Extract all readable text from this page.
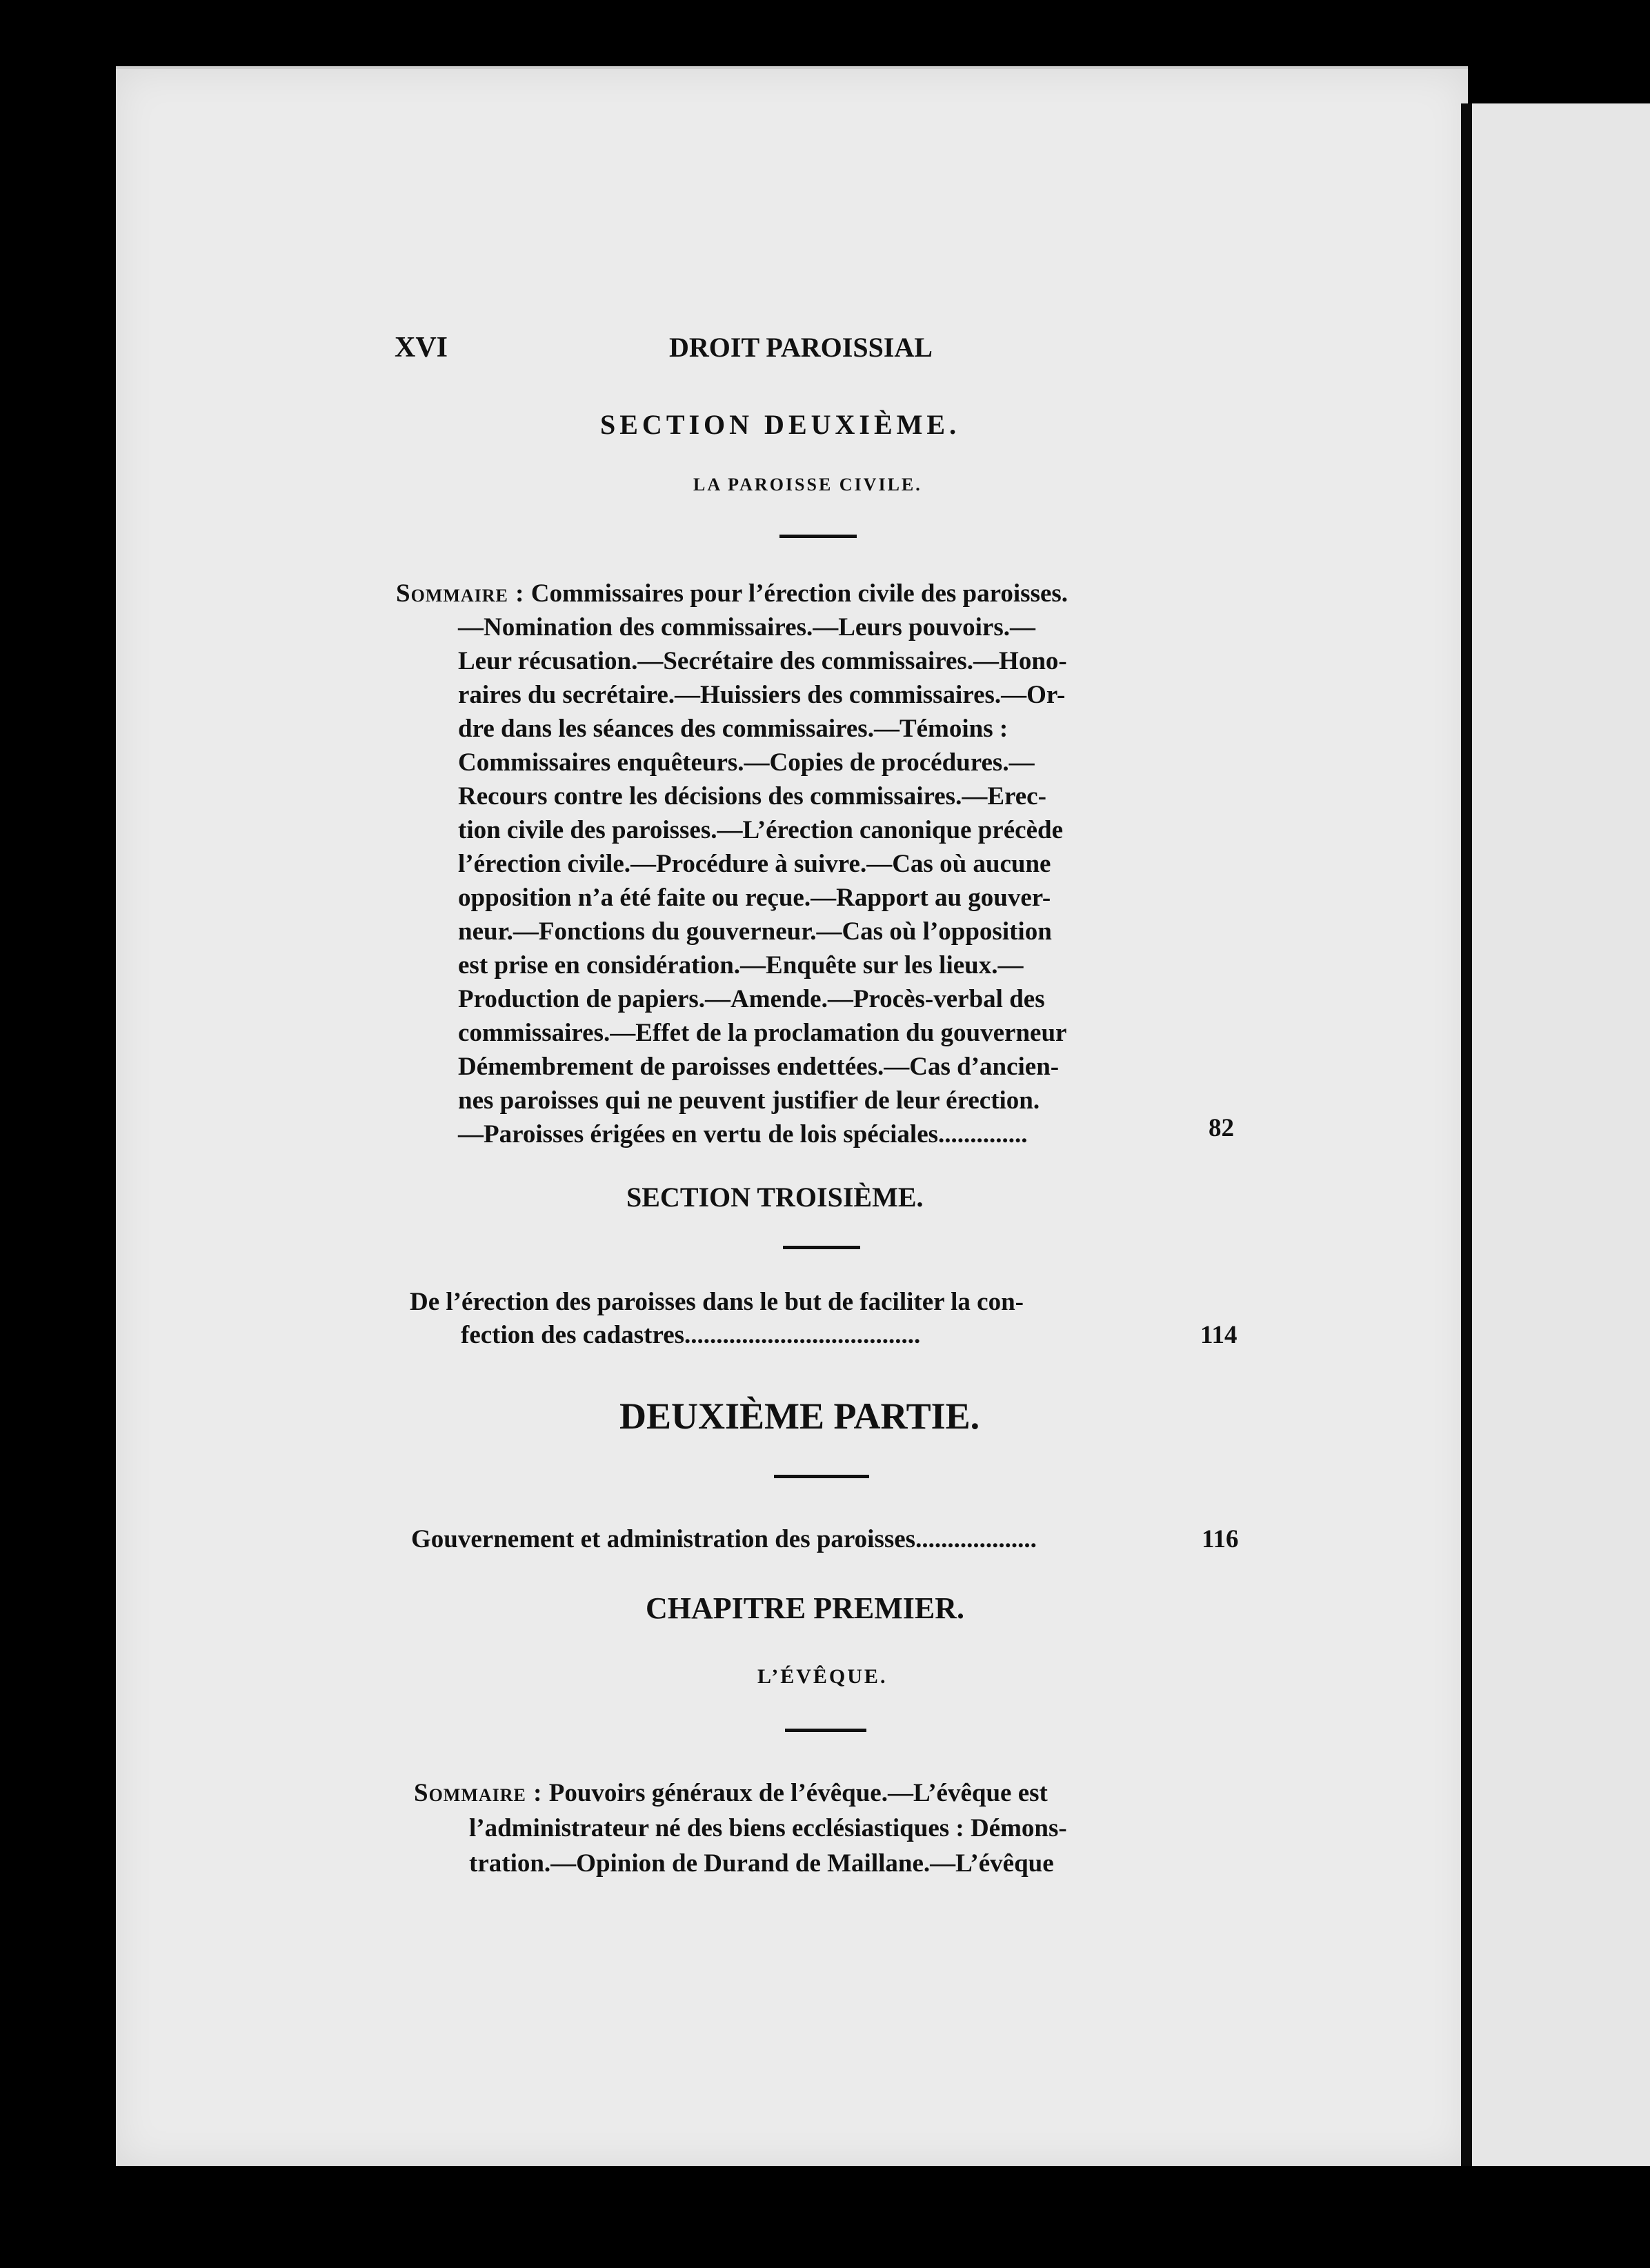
XVI	DROIT PAROISSIAL
SECTION DEUXIÈME.
LA PAROISSE CIVILE.
Sommaire : Commissaires pour l’érection civile des paroisses.
—Nomination des commissaires.—Leurs pouvoirs.—
Leur récusation.—Secrétaire des commissaires.—Hono-
raires du secrétaire.—Huissiers des commissaires.—Or-
dre dans les séances des commissaires.—Témoins :
Commissaires enquêteurs.—Copies de procédures.—
Recours contre les décisions des commissaires.—Erec-
tion civile des paroisses.—L’érection canonique précède
l’érection civile.—Procédure à suivre.—Cas où aucune
opposition n’a été faite ou reçue.—Rapport au gouver-
neur.—Fonctions du gouverneur.—Cas où l’opposition
est prise en considération.—Enquête sur les lieux.—
Production de papiers.—Amende.—Procès-verbal des
commissaires.—Effet de la proclamation du gouverneur
Démembrement de paroisses endettées.—Cas d’ancien-
nes paroisses qui ne peuvent justifier de leur érection.
—Paroisses érigées en vertu de lois spéciales..............	82
SECTION TROISIÈME.
De l’érection des paroisses dans le but de faciliter la con-
fection des cadastres.....................................	114
DEUXIÈME PARTIE.
Gouvernement et administration des paroisses...................	116
CHAPITRE PREMIER.
L’ÉVÊQUE.
Sommaire : Pouvoirs généraux de l’évêque.—L’évêque est
l’administrateur né des biens ecclésiastiques : Démons-
tration.—Opinion de Durand de Maillane.—L’évêque
